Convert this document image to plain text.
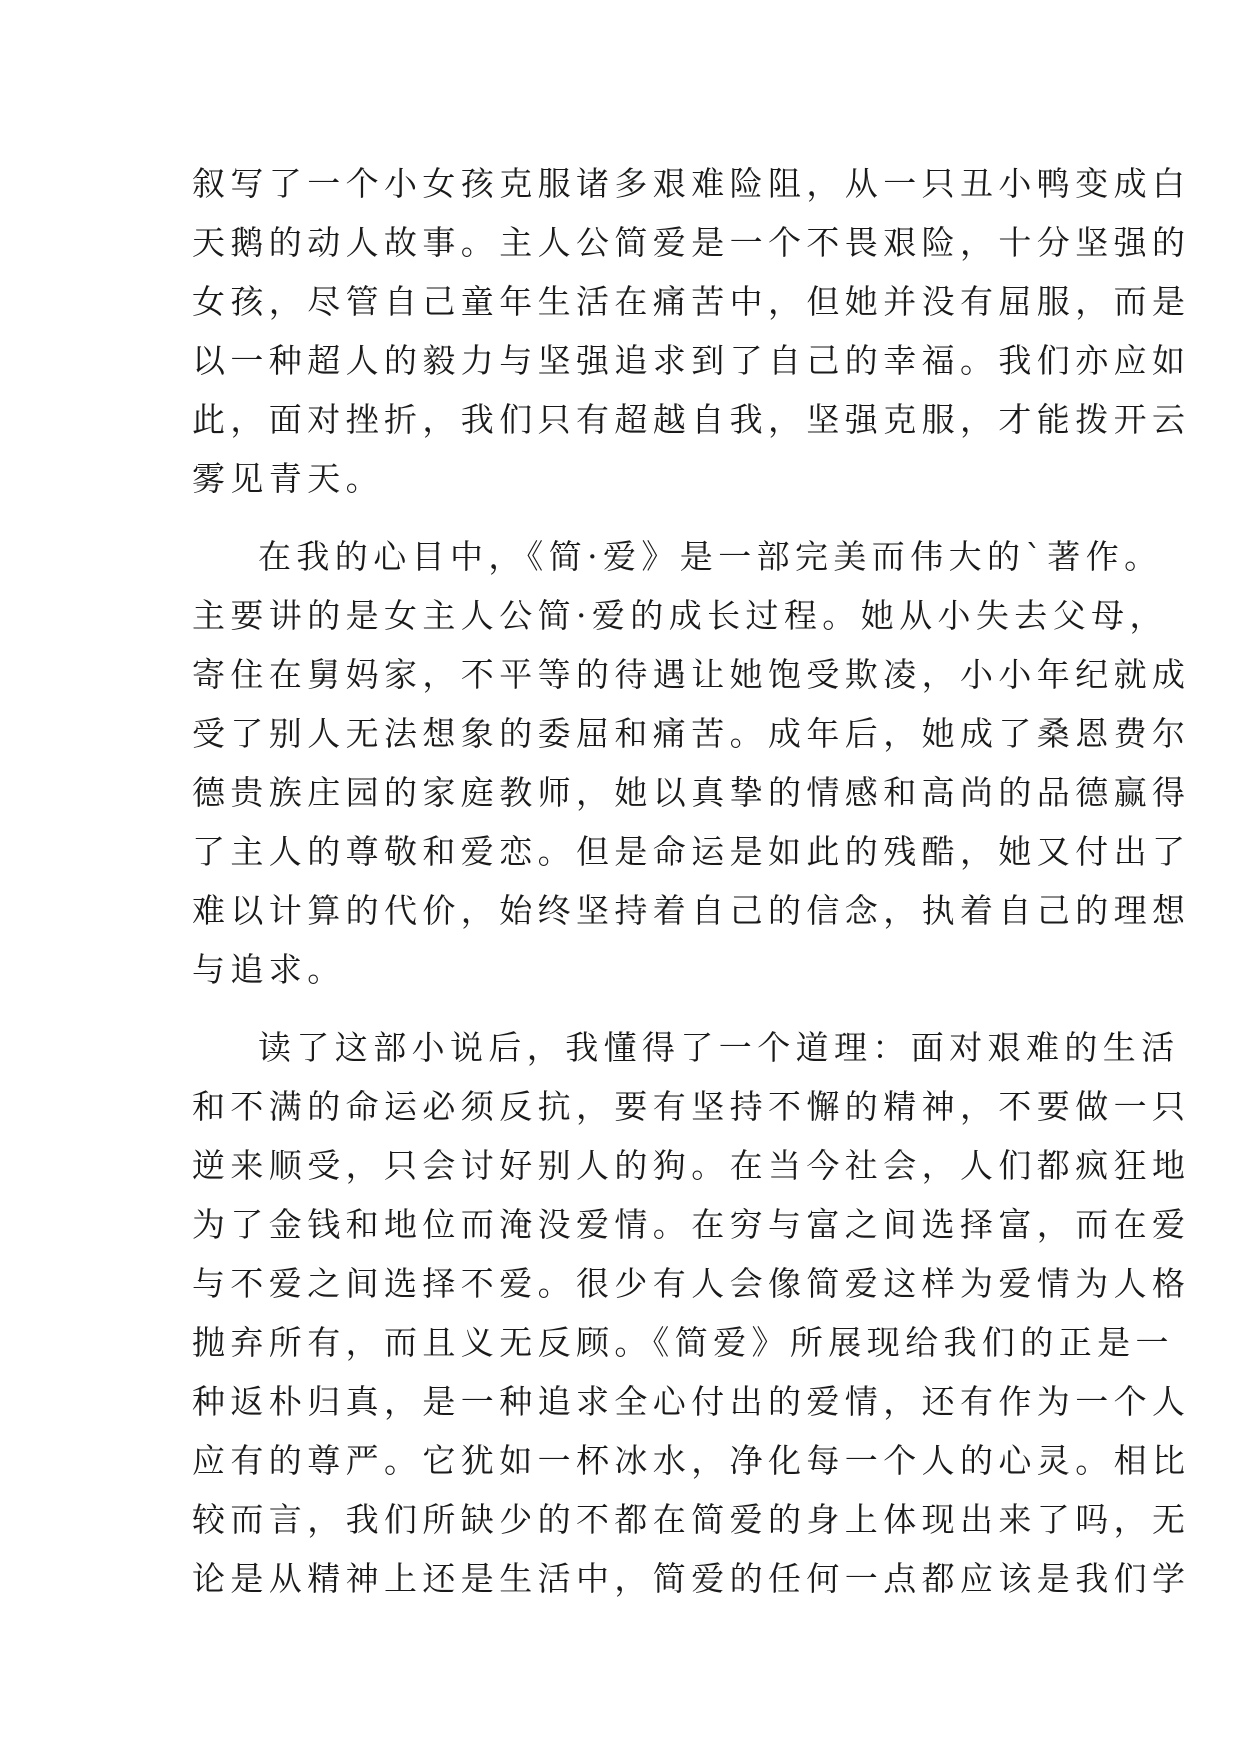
叙写了一个小女孩克服诸多艰难险阻，从一只丑小鸭变成白
天鹅的动人故事。主人公简爱是一个不畏艰险，十分坚强的
女孩，尽管自己童年生活在痛苦中，但她并没有屈服，而是
以一种超人的毅力与坚强追求到了自己的幸福。我们亦应如
此，面对挫折，我们只有超越自我，坚强克服，才能拨开云
雾见青天。
在我的心目中，《简·爱》是一部完美而伟大的`著作。
主要讲的是女主人公简·爱的成长过程。她从小失去父母，
寄住在舅妈家，不平等的待遇让她饱受欺凌，小小年纪就成
受了别人无法想象的委屈和痛苦。成年后，她成了桑恩费尔
德贵族庄园的家庭教师，她以真挚的情感和高尚的品德赢得
了主人的尊敬和爱恋。但是命运是如此的残酷，她又付出了
难以计算的代价，始终坚持着自己的信念，执着自己的理想
与追求。
读了这部小说后，我懂得了一个道理：面对艰难的生活
和不满的命运必须反抗，要有坚持不懈的精神，不要做一只
逆来顺受，只会讨好别人的狗。在当今社会，人们都疯狂地
为了金钱和地位而淹没爱情。在穷与富之间选择富，而在爱
与不爱之间选择不爱。很少有人会像简爱这样为爱情为人格
抛弃所有，而且义无反顾。《简爱》所展现给我们的正是一
种返朴归真，是一种追求全心付出的爱情，还有作为一个人
应有的尊严。它犹如一杯冰水，净化每一个人的心灵。相比
较而言，我们所缺少的不都在简爱的身上体现出来了吗，无
论是从精神上还是生活中，简爱的任何一点都应该是我们学
